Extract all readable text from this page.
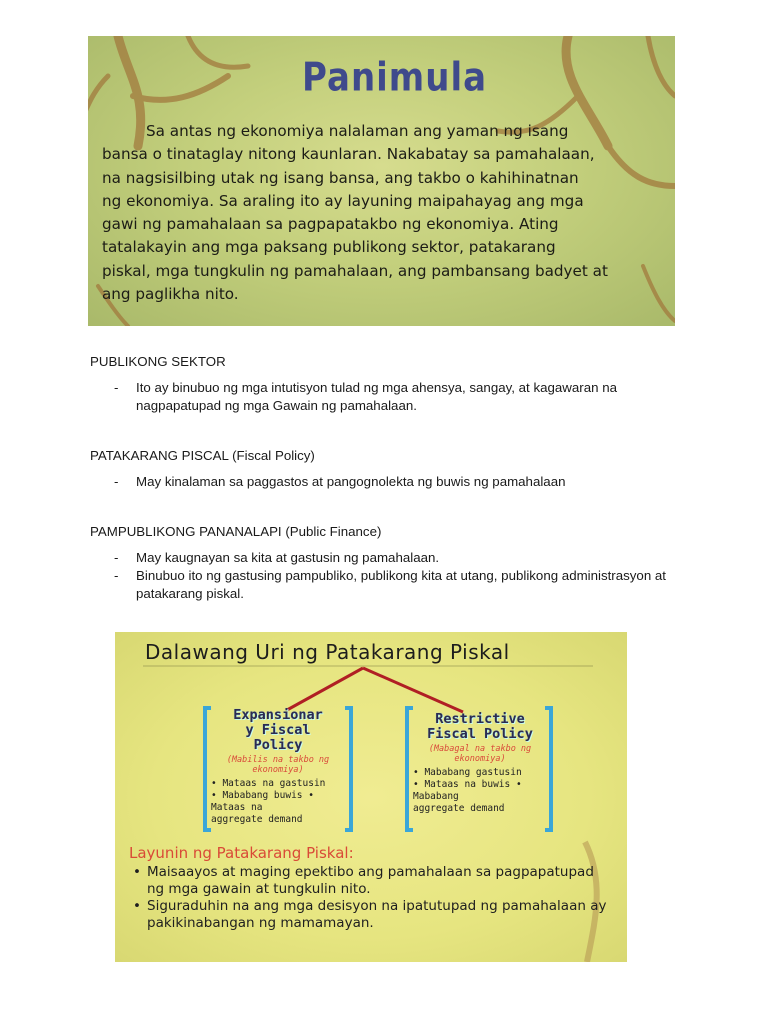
Panimula
Sa antas ng ekonomiya nalalaman ang yaman ng isang
bansa o tinataglay nitong kaunlaran. Nakabatay sa pamahalaan,
na nagsisilbing utak ng isang bansa, ang takbo o kahihinatnan
ng ekonomiya. Sa araling ito ay layuning maipahayag ang mga
gawi ng pamahalaan sa pagpapatakbo ng ekonomiya. Ating
tatalakayin ang mga paksang publikong sektor, patakarang
piskal, mga tungkulin ng pamahalaan, ang pambansang badyet at
ang paglikha nito.
PUBLIKONG SEKTOR
- Ito ay binubuo ng mga intutisyon tulad ng mga ahensya, sangay, at kagawaran na nagpapatupad ng mga Gawain ng pamahalaan.
PATAKARANG PISCAL (Fiscal Policy)
- May kinalaman sa paggastos at pangognolekta ng buwis ng pamahalaan
PAMPUBLIKONG PANANALAPI (Public Finance)
- May kaugnayan sa kita at gastusin ng pamahalaan.
- Binubuo ito ng gastusing pampubliko, publikong kita at utang, publikong administrasyon at patakarang piskal.
Dalawang Uri ng Patakarang Piskal
Expansionar
y Fiscal
Policy
(Mabilis na takbo ng ekonomiya)
• Mataas na gastusin
• Mababang buwis •
Mataas na
aggregate demand
Restrictive
Fiscal Policy
(Mabagal na takbo ng ekonomiya)
• Mababang gastusin
• Mataas na buwis •
Mababang
aggregate demand
Layunin ng Patakarang Piskal:
• Maisaayos at maging epektibo ang pamahalaan sa pagpapatupad ng mga gawain at tungkulin nito.
• Siguraduhin na ang mga desisyon na ipatutupad ng pamahalaan ay pakikinabangan ng mamamayan.
